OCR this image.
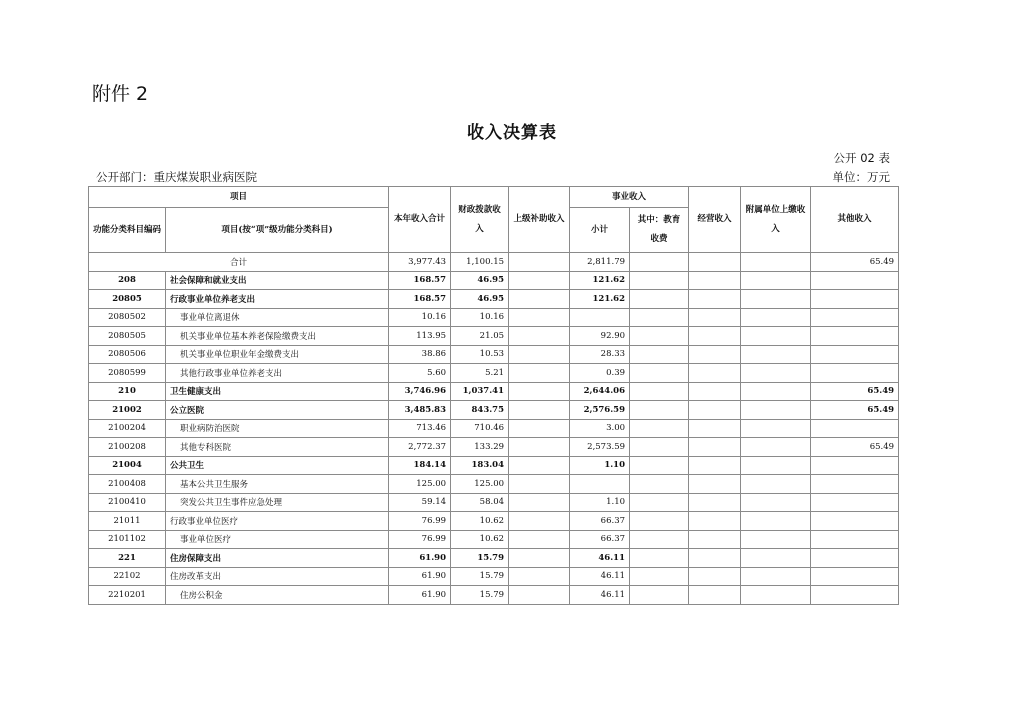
附件 2
收入决算表
公开 02 表
公开部门：重庆煤炭职业病医院	单位：万元
项目		本年收入合计	财政拨款收入	上级补助收入	事业收入		经营收入	附属单位上缴收入	其他收入
功能分类科目编码	项目(按“项”级功能分类科目)								
					小计	其中：教育收费			
合计		3,977.43	1,100.15		2,811.79				65.49
208	社会保障和就业支出	168.57	46.95		121.62				
20805	行政事业单位养老支出	168.57	46.95		121.62				
2080502	事业单位离退休	10.16	10.16						
2080505	机关事业单位基本养老保险缴费支出	113.95	21.05		92.90				
2080506	机关事业单位职业年金缴费支出	38.86	10.53		28.33				
2080599	其他行政事业单位养老支出	5.60	5.21		0.39				
210	卫生健康支出	3,746.96	1,037.41		2,644.06				65.49
21002	公立医院	3,485.83	843.75		2,576.59				65.49
2100204	职业病防治医院	713.46	710.46		3.00				
2100208	其他专科医院	2,772.37	133.29		2,573.59				65.49
21004	公共卫生	184.14	183.04		1.10				
2100408	基本公共卫生服务	125.00	125.00						
2100410	突发公共卫生事件应急处理	59.14	58.04		1.10				
21011	行政事业单位医疗	76.99	10.62		66.37				
2101102	事业单位医疗	76.99	10.62		66.37				
221	住房保障支出	61.90	15.79		46.11				
22102	住房改革支出	61.90	15.79		46.11				
2210201	住房公积金	61.90	15.79		46.11				
